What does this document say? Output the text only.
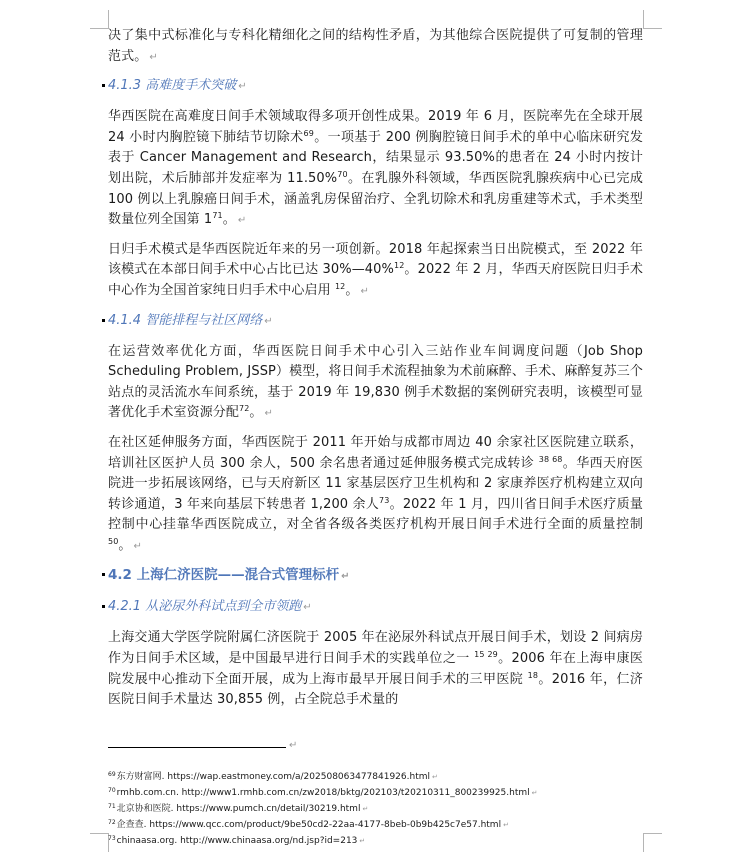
决了集中式标准化与专科化精细化之间的结构性矛盾，为其他综合医院提供了可复制的管理范式。 ↵

4.1.3 高难度手术突破 ↵

华西医院在高难度日间手术领域取得多项开创性成果。2019 年 6 月，医院率先在全球开展 24 小时内胸腔镜下肺结节切除术$^{69}$。一项基于 200 例胸腔镜日间手术的单中心临床研究发表于 Cancer Management and Research，结果显示 93.50%的患者在 24 小时内按计划出院，术后肺部并发症率为 11.50%$^{70}$。在乳腺外科领域，华西医院乳腺疾病中心已完成 100 例以上乳腺癌日间手术，涵盖乳房保留治疗、全乳切除术和乳房重建等术式，手术类型数量位列全国第 $1^{71}$。 ↵

日归手术模式是华西医院近年来的另一项创新。2018 年起探索当日出院模式，至 2022 年该模式在本部日间手术中心占比已达 30%—40%$^{12}$。2022 年 2 月，华西天府医院日归手术中心作为全国首家纯日归手术中心启用 $^{12}$。 ↵

4.1.4 智能排程与社区网络 ↵

在运营效率优化方面，华西医院日间手术中心引入三站作业车间调度问题（Job Shop Scheduling Problem, JSSP）模型，将日间手术流程抽象为术前麻醉、手术、麻醉复苏三个站点的灵活流水车间系统，基于 2019 年 19,830 例手术数据的案例研究表明，该模型可显著优化手术室资源分配$^{72}$。 ↵

在社区延伸服务方面，华西医院于 2011 年开始与成都市周边 40 余家社区医院建立联系，培训社区医护人员 300 余人，500 余名患者通过延伸服务模式完成转诊 $^{38 68}$。华西天府医院进一步拓展该网络，已与天府新区 11 家基层医疗卫生机构和 2 家康养医疗机构建立双向转诊通道，3 年来向基层下转患者 1,200 余人$^{73}$。2022 年 1 月，四川省日间手术医疗质量控制中心挂靠华西医院成立，对全省各级各类医疗机构开展日间手术进行全面的质量控制 $^{50}$。 ↵

4.2 上海仁济医院——混合式管理标杆 ↵
4.2.1 从泌尿外科试点到全市领跑 ↵

上海交通大学医学院附属仁济医院于 2005 年在泌尿外科试点开展日间手术，划设 2 间病房作为日间手术区域，是中国最早进行日间手术的实践单位之一 $^{15 29}$。2006 年在上海申康医院发展中心推动下全面开展，成为上海市最早开展日间手术的三甲医院 $^{18}$。2016 年，仁济医院日间手术量达 30,855 例，占全院总手术量的

↵
$^{69}$东方财富网. https://wap.eastmoney.com/a/202508063477841926.html ↵
$^{70}$rmhb.com.cn. http://www1.rmhb.com.cn/zw2018/bktg/202103/t20210311_800239925.html ↵
$^{71}$北京协和医院. https://www.pumch.cn/detail/30219.html ↵
$^{72}$企查查. https://www.qcc.com/product/9be50cd2-22aa-4177-8beb-0b9b425c7e57.html ↵
$^{73}$chinaasa.org. http://www.chinaasa.org/nd.jsp?id=213 ↵
